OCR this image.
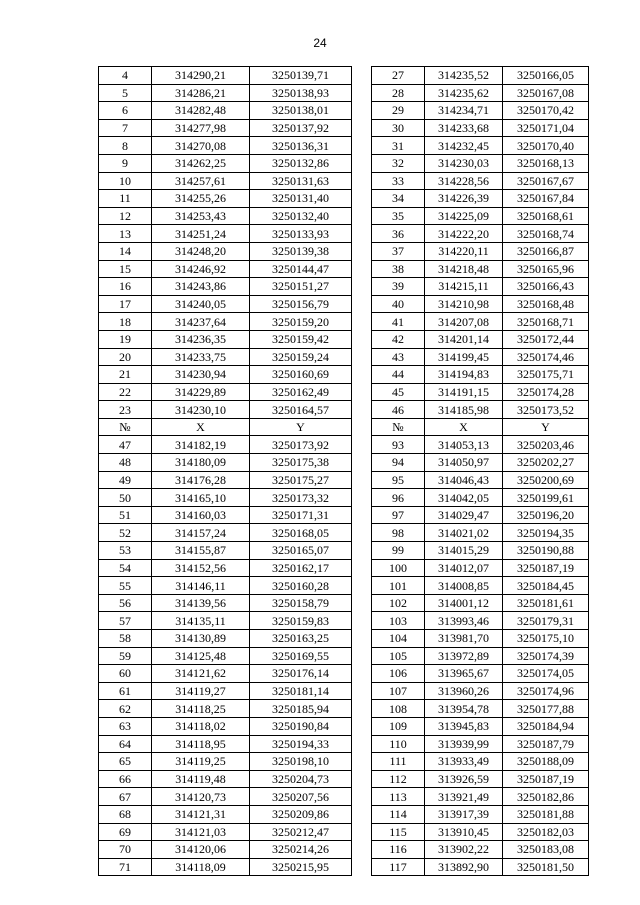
24
4	314290,21	3250139,71		27	314235,52	3250166,05
5	314286,21	3250138,93		28	314235,62	3250167,08
6	314282,48	3250138,01		29	314234,71	3250170,42
7	314277,98	3250137,92		30	314233,68	3250171,04
8	314270,08	3250136,31		31	314232,45	3250170,40
9	314262,25	3250132,86		32	314230,03	3250168,13
10	314257,61	3250131,63		33	314228,56	3250167,67
11	314255,26	3250131,40		34	314226,39	3250167,84
12	314253,43	3250132,40		35	314225,09	3250168,61
13	314251,24	3250133,93		36	314222,20	3250168,74
14	314248,20	3250139,38		37	314220,11	3250166,87
15	314246,92	3250144,47		38	314218,48	3250165,96
16	314243,86	3250151,27		39	314215,11	3250166,43
17	314240,05	3250156,79		40	314210,98	3250168,48
18	314237,64	3250159,20		41	314207,08	3250168,71
19	314236,35	3250159,42		42	314201,14	3250172,44
20	314233,75	3250159,24		43	314199,45	3250174,46
21	314230,94	3250160,69		44	314194,83	3250175,71
22	314229,89	3250162,49		45	314191,15	3250174,28
23	314230,10	3250164,57		46	314185,98	3250173,52
№	X	Y		№	X	Y
47	314182,19	3250173,92		93	314053,13	3250203,46
48	314180,09	3250175,38		94	314050,97	3250202,27
49	314176,28	3250175,27		95	314046,43	3250200,69
50	314165,10	3250173,32		96	314042,05	3250199,61
51	314160,03	3250171,31		97	314029,47	3250196,20
52	314157,24	3250168,05		98	314021,02	3250194,35
53	314155,87	3250165,07		99	314015,29	3250190,88
54	314152,56	3250162,17		100	314012,07	3250187,19
55	314146,11	3250160,28		101	314008,85	3250184,45
56	314139,56	3250158,79		102	314001,12	3250181,61
57	314135,11	3250159,83		103	313993,46	3250179,31
58	314130,89	3250163,25		104	313981,70	3250175,10
59	314125,48	3250169,55		105	313972,89	3250174,39
60	314121,62	3250176,14		106	313965,67	3250174,05
61	314119,27	3250181,14		107	313960,26	3250174,96
62	314118,25	3250185,94		108	313954,78	3250177,88
63	314118,02	3250190,84		109	313945,83	3250184,94
64	314118,95	3250194,33		110	313939,99	3250187,79
65	314119,25	3250198,10		111	313933,49	3250188,09
66	314119,48	3250204,73		112	313926,59	3250187,19
67	314120,73	3250207,56		113	313921,49	3250182,86
68	314121,31	3250209,86		114	313917,39	3250181,88
69	314121,03	3250212,47		115	313910,45	3250182,03
70	314120,06	3250214,26		116	313902,22	3250183,08
71	314118,09	3250215,95		117	313892,90	3250181,50
